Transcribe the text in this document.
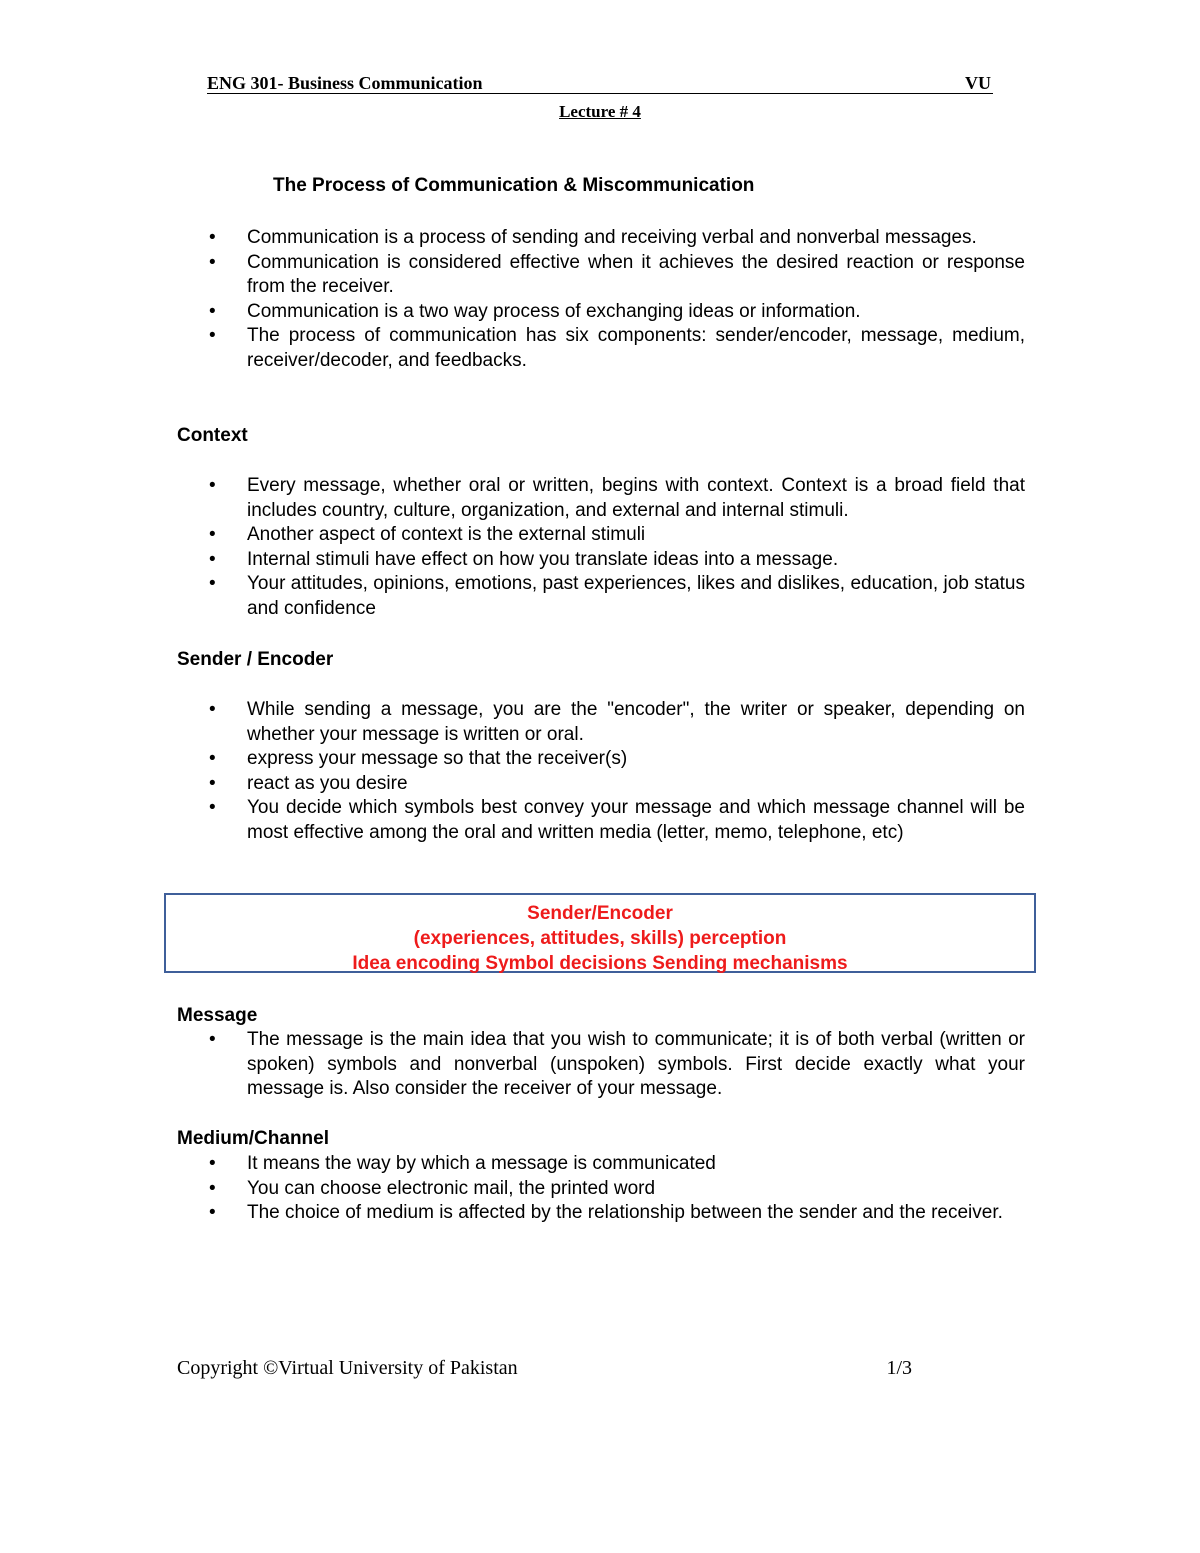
ENG 301- Business Communication	VU
Lecture # 4
The Process of Communication & Miscommunication
• Communication is a process of sending and receiving verbal and nonverbal messages.
• Communication is considered effective when it achieves the desired reaction or response from the receiver.
• Communication is a two way process of exchanging ideas or information.
• The process of communication has six components: sender/encoder, message, medium, receiver/decoder, and feedbacks.
Context
• Every message, whether oral or written, begins with context. Context is a broad field that includes country, culture, organization, and external and internal stimuli.
• Another aspect of context is the external stimuli
• Internal stimuli have effect on how you translate ideas into a message.
• Your attitudes, opinions, emotions, past experiences, likes and dislikes, education, job status and confidence
Sender / Encoder
• While sending a message, you are the "encoder", the writer or speaker, depending on whether your message is written or oral.
• express your message so that the receiver(s)
• react as you desire
• You decide which symbols best convey your message and which message channel will be most effective among the oral and written media (letter, memo, telephone, etc)
Sender/Encoder
(experiences, attitudes, skills) perception
Idea encoding Symbol decisions Sending mechanisms
Message
• The message is the main idea that you wish to communicate; it is of both verbal (written or spoken) symbols and nonverbal (unspoken) symbols. First decide exactly what your message is. Also consider the receiver of your message.
Medium/Channel
• It means the way by which a message is communicated
• You can choose electronic mail, the printed word
• The choice of medium is affected by the relationship between the sender and the receiver.
Copyright ©Virtual University of Pakistan	1/3
